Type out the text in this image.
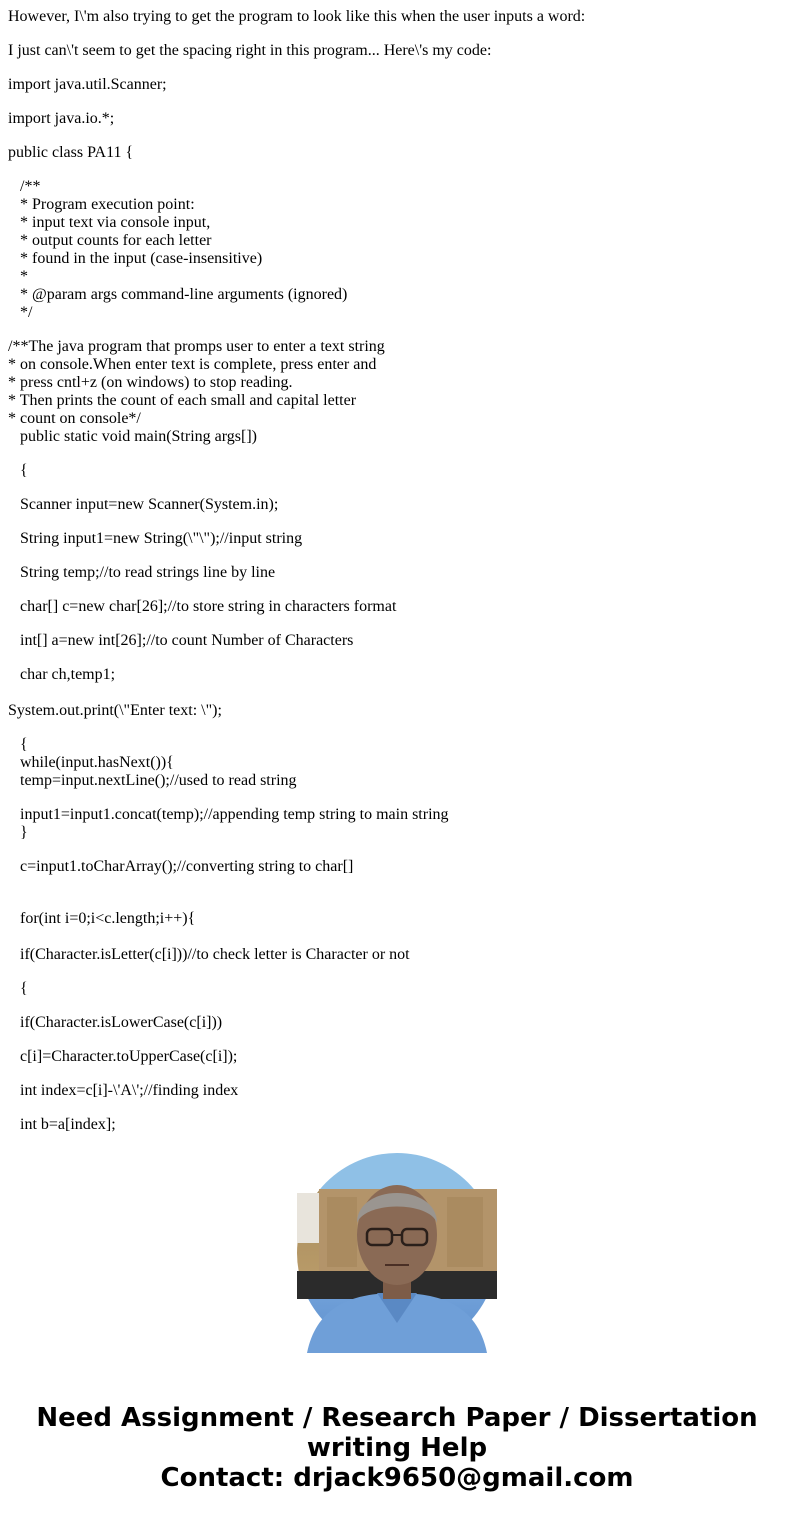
However, I\'m also trying to get the program to look like this when the user inputs a word:

I just can\'t seem to get the spacing right in this program... Here\'s my code:

import java.util.Scanner;

import java.io.*;

public class PA11 {

/**

* Program execution point:

* input text via console input,

* output counts for each letter

* found in the input (case-insensitive)

*

* @param args command-line arguments (ignored)

*/

/**The java program that promps user to enter a text string

* on console.When enter text is complete, press enter and

* press cntl+z (on windows) to stop reading.

* Then prints the count of each small and capital letter

* count on console*/

public static void main(String args[])

{

Scanner input=new Scanner(System.in);

String input1=new String(\"\");//input string

String temp;//to read strings line by line

char[] c=new char[26];//to store string in characters format

int[] a=new int[26];//to count Number of Characters

char ch,temp1;

System.out.print(\"Enter text: \");

{

while(input.hasNext()){

temp=input.nextLine();//used to read string

input1=input1.concat(temp);//appending temp string to main string

}

c=input1.toCharArray();//converting string to char[]

for(int i=0;i<c.length;i++){

if(Character.isLetter(c[i]))//to check letter is Character or not

{

if(Character.isLowerCase(c[i]))

c[i]=Character.toUpperCase(c[i]);

int index=c[i]-\'A\';//finding index

int b=a[index];

Need Assignment / Research Paper / Dissertation
writing Help
Contact: drjack9650@gmail.com
